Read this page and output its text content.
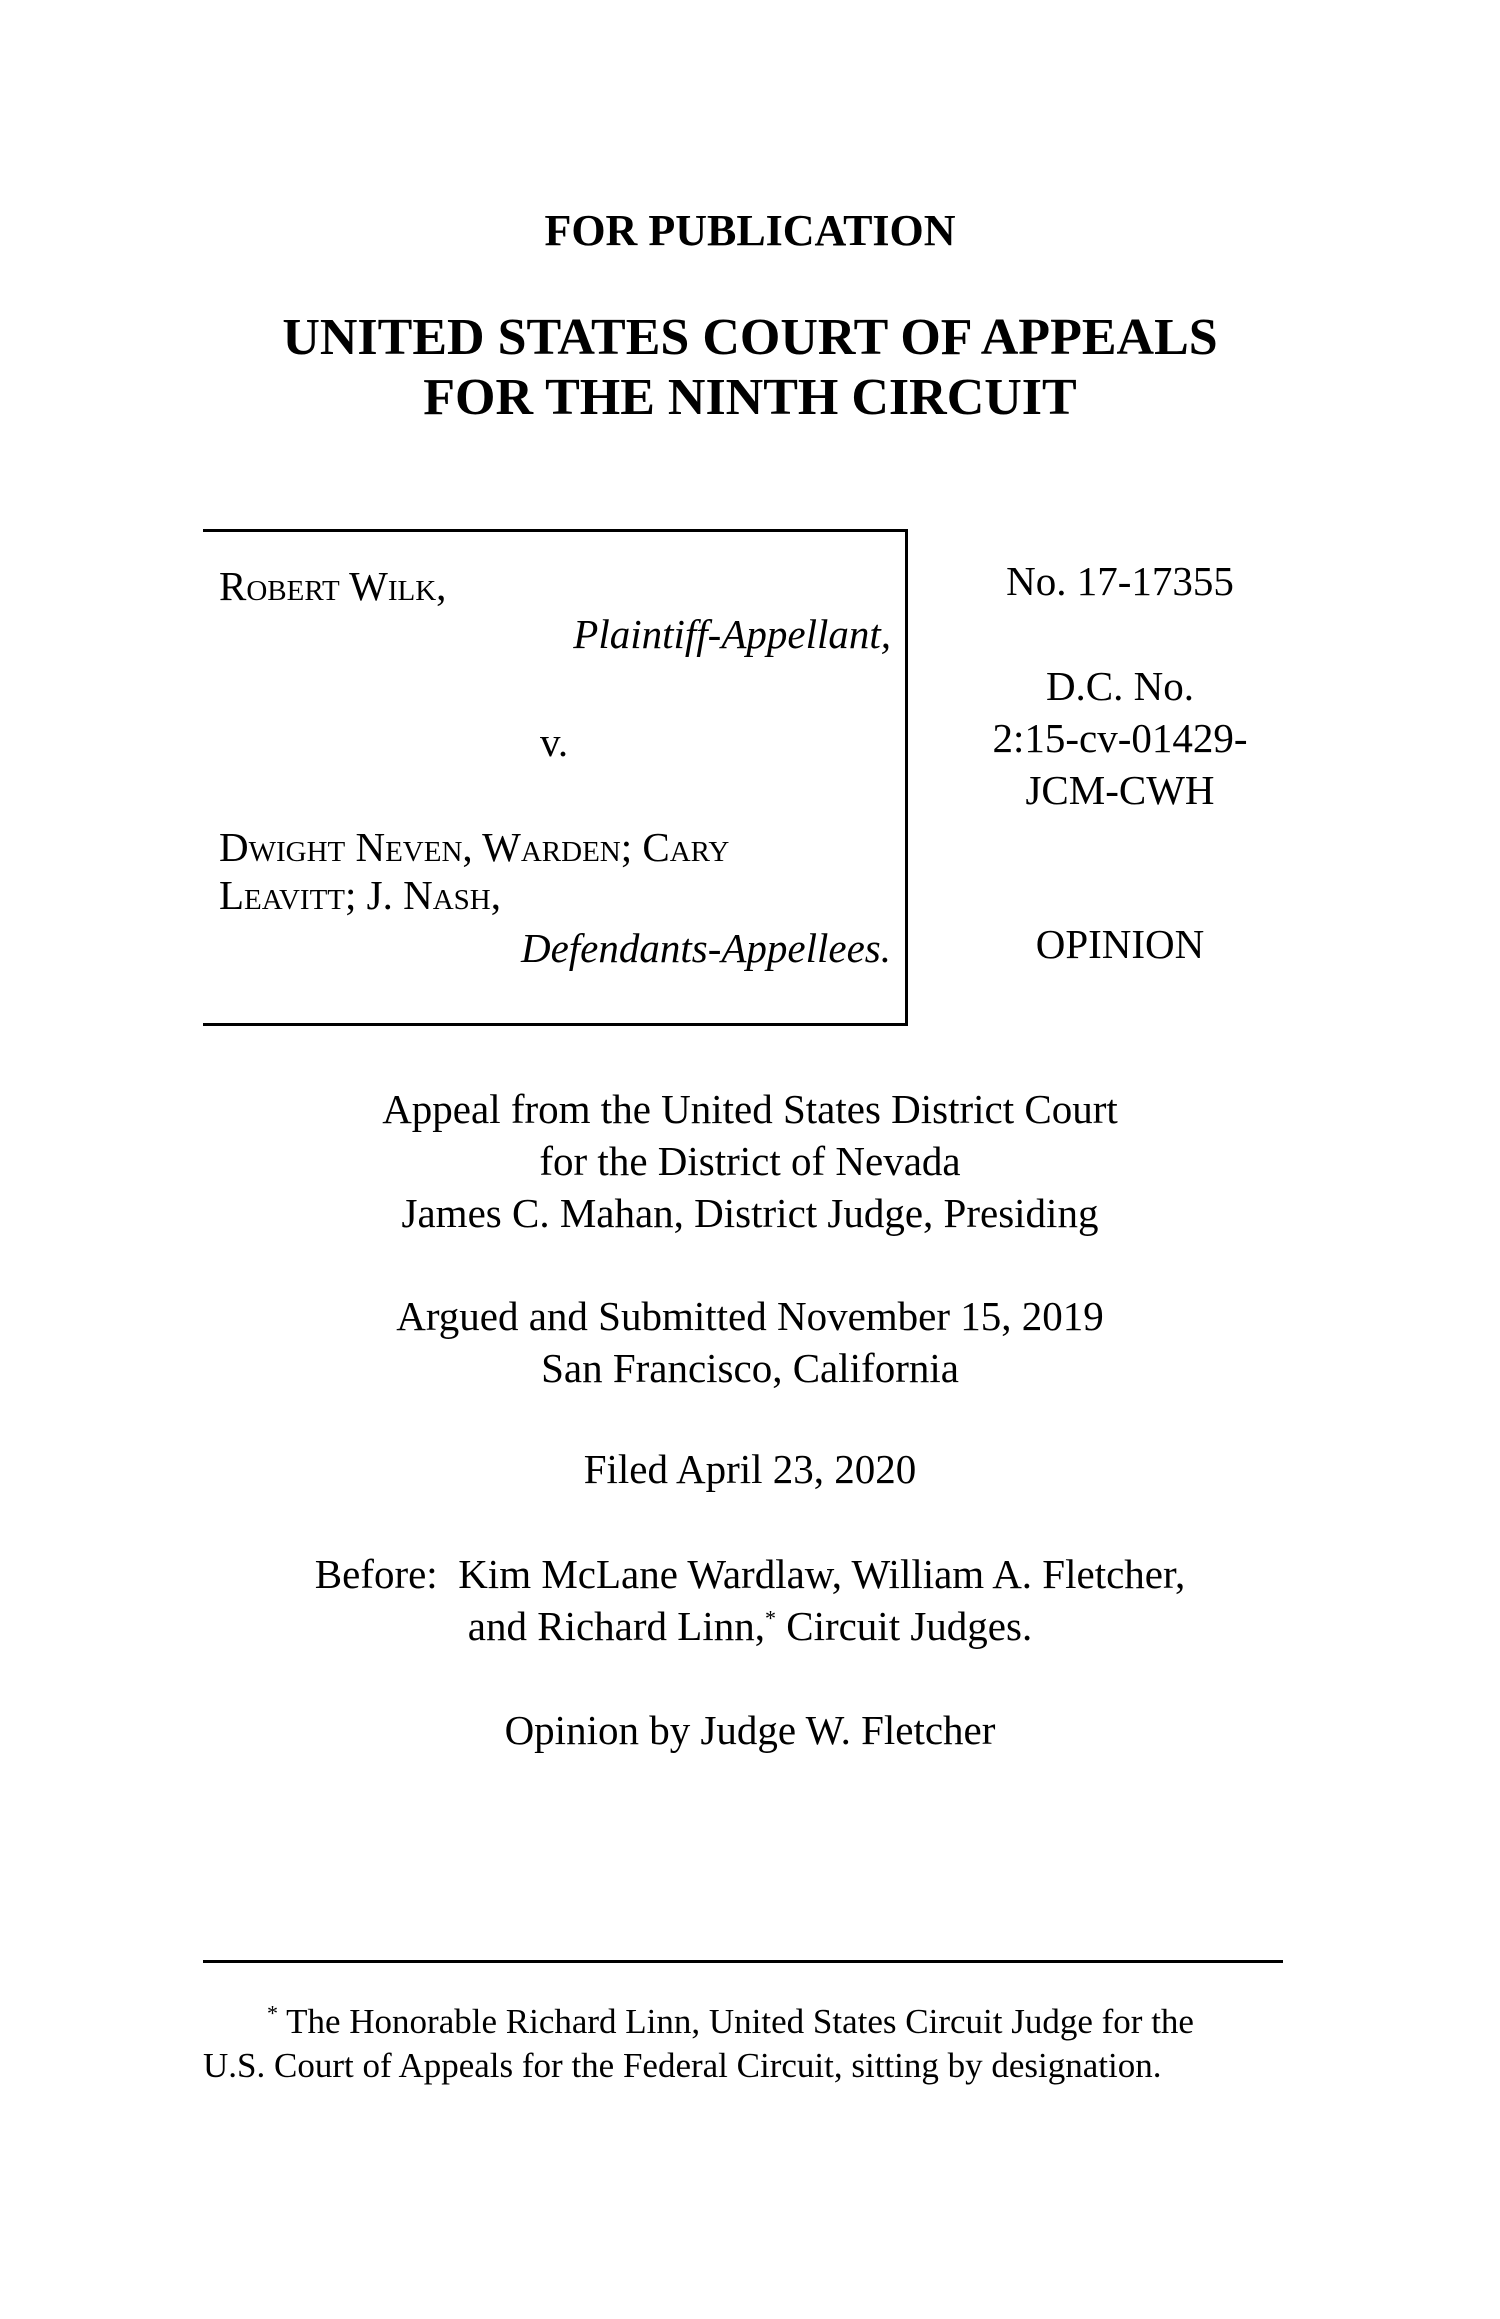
FOR PUBLICATION
UNITED STATES COURT OF APPEALS
FOR THE NINTH CIRCUIT
Robert Wilk,
Plaintiff-Appellant,
v.
Dwight Neven, Warden; Cary
Leavitt; J. Nash,
Defendants-Appellees.
No. 17-17355
D.C. No.
2:15-cv-01429-
JCM-CWH
OPINION
Appeal from the United States District Court
for the District of Nevada
James C. Mahan, District Judge, Presiding
Argued and Submitted November 15, 2019
San Francisco, California
Filed April 23, 2020
Before:  Kim McLane Wardlaw, William A. Fletcher,
and Richard Linn,* Circuit Judges.
Opinion by Judge W. Fletcher
* The Honorable Richard Linn, United States Circuit Judge for the
U.S. Court of Appeals for the Federal Circuit, sitting by designation.
